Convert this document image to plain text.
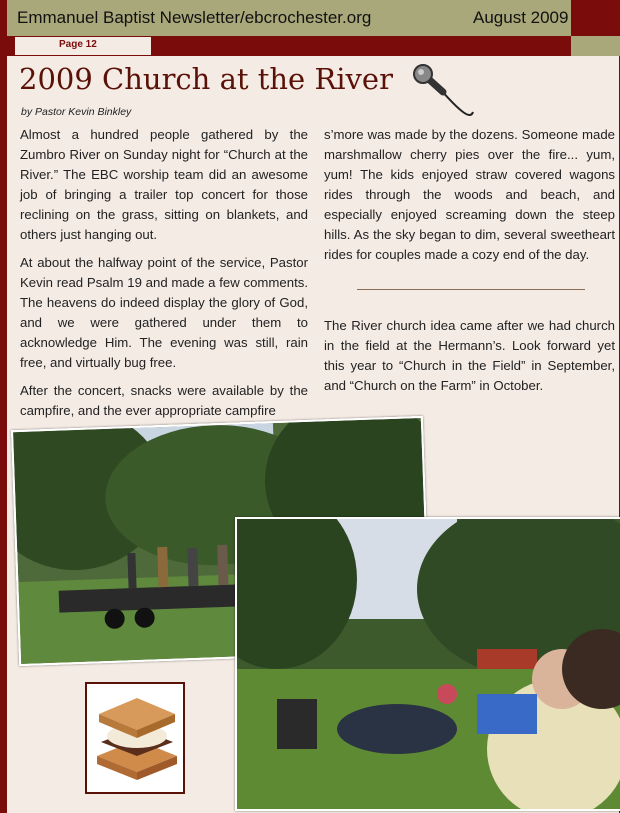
Emmanuel Baptist Newsletter/ebcrochester.org	August 2009
Page 12
2009 Church at the River
by Pastor Kevin Binkley

Almost a hundred people gathered by the Zumbro River on Sunday night for “Church at the River.” The EBC worship team did an awesome job of bringing a trailer top concert for those reclining on the grass, sitting on blankets, and others just hanging out.

At about the halfway point of the service, Pastor Kevin read Psalm 19 and made a few comments. The heavens do indeed display the glory of God, and we were gathered under them to acknowledge Him. The evening was still, rain free, and virtually bug free.

After the concert, snacks were available by the campfire, and the ever appropriate campfire

s’more was made by the dozens. Someone made marshmallow cherry pies over the fire... yum, yum! The kids enjoyed straw covered wagons rides through the woods and beach, and especially enjoyed screaming down the steep hills. As the sky began to dim, several sweetheart rides for couples made a cozy end of the day.

The River church idea came after we had church in the field at the Hermann’s. Look forward yet this year to “Church in the Field” in September, and “Church on the Farm” in October.
